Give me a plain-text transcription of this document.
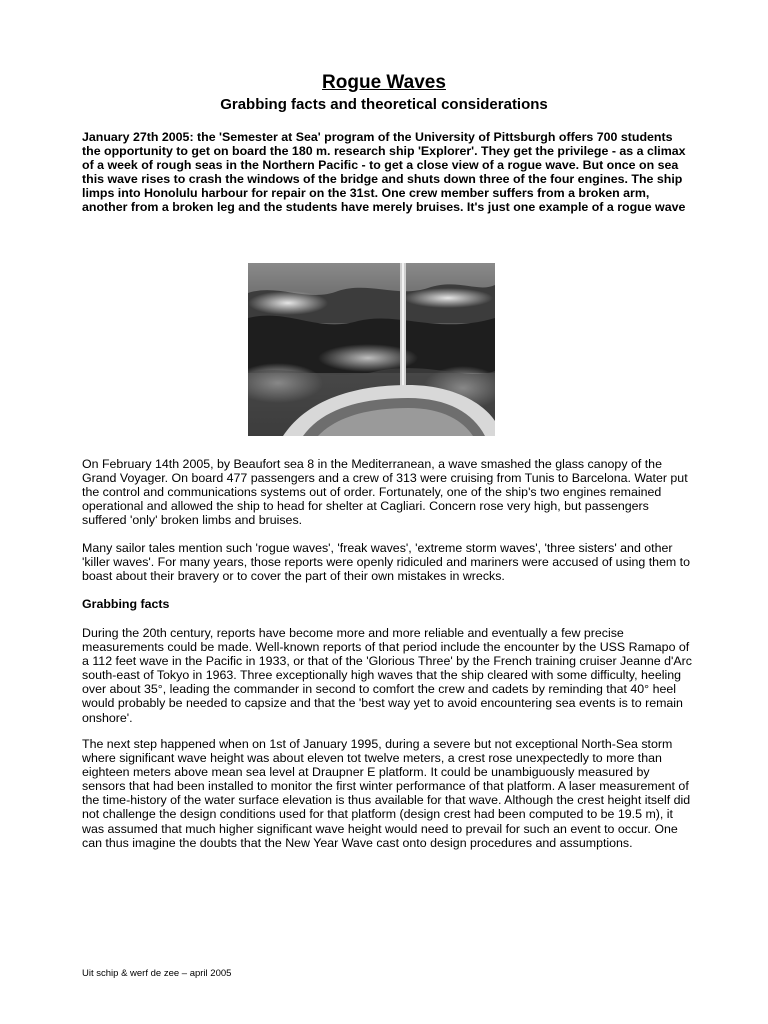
Rogue Waves
Grabbing facts and theoretical considerations

January 27th 2005: the 'Semester at Sea' program of the University of Pittsburgh offers 700 students the opportunity to get on board the 180 m. research ship 'Explorer'. They get the privilege - as a climax of a week of rough seas in the Northern Pacific - to get a close view of a rogue wave. But once on sea this wave rises to crash the windows of the bridge and shuts down three of the four engines. The ship limps into Honolulu harbour for repair on the 31st. One crew member suffers from a broken arm, another from a broken leg and the students have merely bruises. It's just one example of a rogue wave

On February 14th 2005, by Beaufort sea 8 in the Mediterranean, a wave smashed the glass canopy of the Grand Voyager. On board 477 passengers and a crew of 313 were cruising from Tunis to Barcelona. Water put the control and communications systems out of order. Fortunately, one of the ship's two engines remained operational and allowed the ship to head for shelter at Cagliari. Concern rose very high, but passengers suffered 'only' broken limbs and bruises.

Many sailor tales mention such 'rogue waves', 'freak waves', 'extreme storm waves', 'three sisters' and other 'killer waves'. For many years, those reports were openly ridiculed and mariners were accused of using them to boast about their bravery or to cover the part of their own mistakes in wrecks.

Grabbing facts

During the 20th century, reports have become more and more reliable and eventually a few precise measurements could be made. Well-known reports of that period include the encounter by the USS Ramapo of a 112 feet wave in the Pacific in 1933, or that of the 'Glorious Three' by the French training cruiser Jeanne d'Arc south-east of Tokyo in 1963. Three exceptionally high waves that the ship cleared with some difficulty, heeling over about 35°, leading the commander in second to comfort the crew and cadets by reminding that 40° heel would probably be needed to capsize and that the 'best way yet to avoid encountering sea events is to remain onshore'.

The next step happened when on 1st of January 1995, during a severe but not exceptional North-Sea storm where significant wave height was about eleven tot twelve meters, a crest rose unexpectedly to more than eighteen meters above mean sea level at Draupner E platform. It could be unambiguously measured by sensors that had been installed to monitor the first winter performance of that platform. A laser measurement of the time-history of the water surface elevation is thus available for that wave. Although the crest height itself did not challenge the design conditions used for that platform (design crest had been computed to be 19.5 m), it was assumed that much higher significant wave height would need to prevail for such an event to occur. One can thus imagine the doubts that the New Year Wave cast onto design procedures and assumptions.

Uit schip & werf de zee – april 2005
